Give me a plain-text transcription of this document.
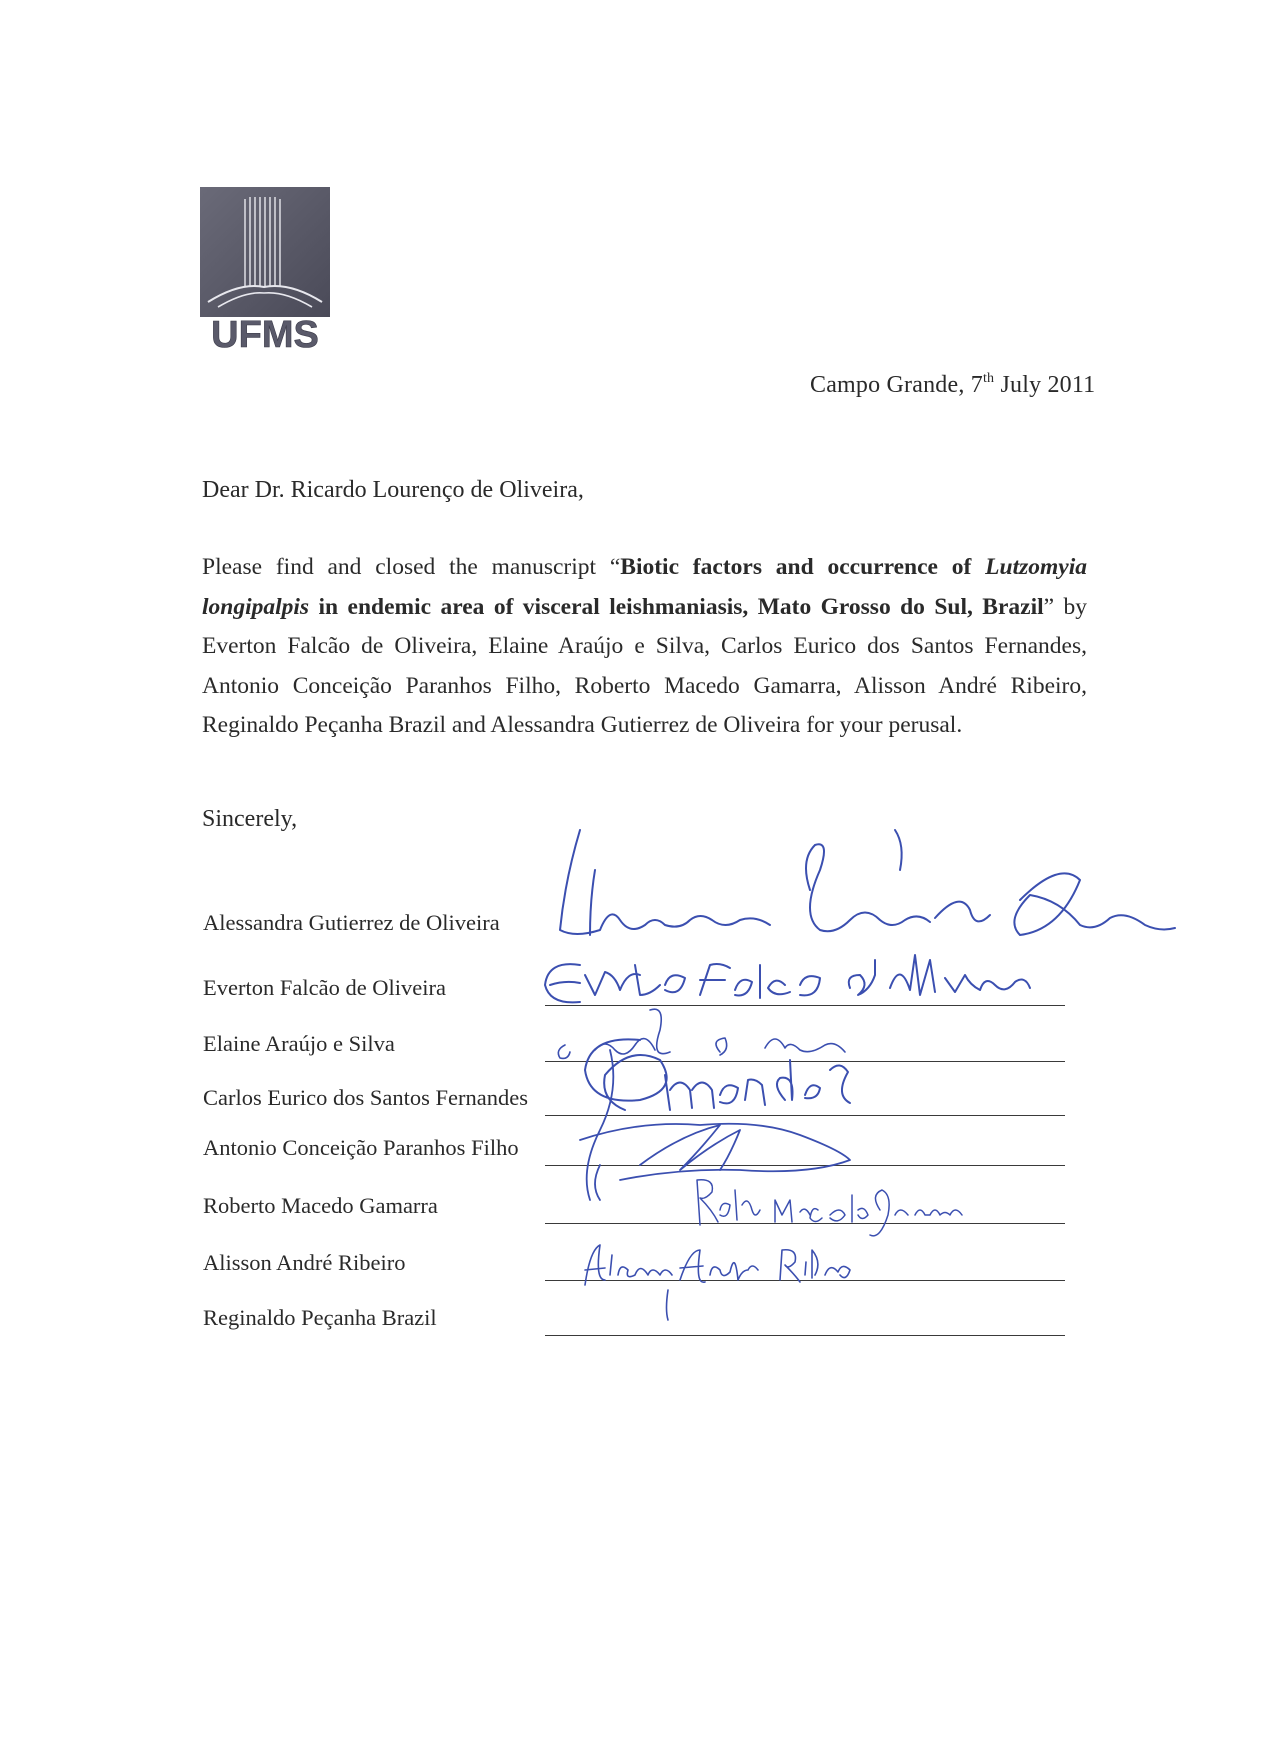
UFMS
Campo Grande, 7th July 2011
Dear Dr. Ricardo Lourenço de Oliveira,
Please find and closed the manuscript “Biotic factors and occurrence of Lutzomyia longipalpis in endemic area of visceral leishmaniasis, Mato Grosso do Sul, Brazil” by Everton Falcão de Oliveira, Elaine Araújo e Silva, Carlos Eurico dos Santos Fernandes, Antonio Conceição Paranhos Filho, Roberto Macedo Gamarra, Alisson André Ribeiro, Reginaldo Peçanha Brazil and Alessandra Gutierrez de Oliveira for your perusal.
Sincerely,
Alessandra Gutierrez de Oliveira
Everton Falcão de Oliveira
Elaine Araújo e Silva
Carlos Eurico dos Santos Fernandes
Antonio Conceição Paranhos Filho
Roberto Macedo Gamarra
Alisson André Ribeiro
Reginaldo Peçanha Brazil
